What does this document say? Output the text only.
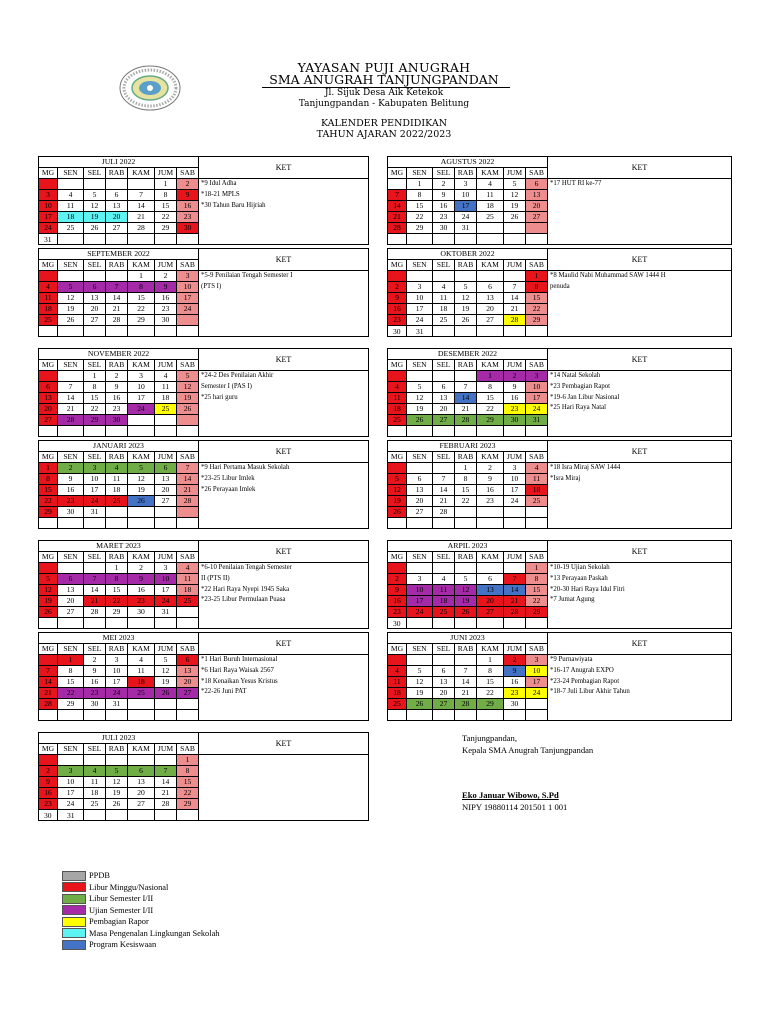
YAYASAN PUJI ANUGRAH
SMA ANUGRAH TANJUNGPANDAN
Jl. Sijuk Desa Aik Ketekok
Tanjungpandan - Kabupaten Belitung
KALENDER PENDIDIKAN
TAHUN AJARAN 2022/2023
JULI 2022							KET
MG	SEN	SEL	RAB	KAM	JUM	SAB	
					1	2	*9 Idul Adha
*18-21 MPLS
*30 Tahun Baru Hijriah

3	4	5	6	7	8	9	
10	11	12	13	14	15	16	
17	18	19	20	21	22	23	
24	25	26	27	28	29	30	

31
AGUSTUS 2022							KET
MG	SEN	SEL	RAB	KAM	JUM	SAB	
	1	2	3	4	5	6	*17 HUT RI ke-77

7	8	9	10	11	12	13	
14	15	16	17	18	19	20	
21	22	23	24	25	26	27	
28	29	30	31				

SEPTEMBER 2022							KET
MG	SEN	SEL	RAB	KAM	JUM	SAB	
				1	2	3	*5-9 Penilaian Tengah Semester I
(PTS I)

4	5	6	7	8	9	10	
11	12	13	14	15	16	17	
18	19	20	21	22	23	24	
25	26	27	28	29	30		

OKTOBER 2022							KET
MG	SEN	SEL	RAB	KAM	JUM	SAB	
						1	*8 Maulid Nabi Muhammad SAW 1444 H
penuda

2	3	4	5	6	7	8	
9	10	11	12	13	14	15	
16	17	18	19	20	21	22	
23	24	25	26	27	28	29	

30 31
NOVEMBER 2022							KET
MG	SEN	SEL	RAB	KAM	JUM	SAB	
		1	2	3	4	5	*24-2 Des Penilaian Akhir
Semester I (PAS I)
*25 hari guru

6	7	8	9	10	11	12	
13	14	15	16	17	18	19	
20	21	22	23	24	25	26	
27	28	29	30				

DESEMBER 2022							KET
MG	SEN	SEL	RAB	KAM	JUM	SAB	
				1	2	3	*14 Natal Sekolah
*23 Pembagian Rapot
*19-6 Jan Libur Nasional
*25 Hari Raya Natal

4	5	6	7	8	9	10	
11	12	13	14	15	16	17	
18	19	20	21	22	23	24	
25	26	27	28	29	30	31	

JANUARI 2023							KET
MG	SEN	SEL	RAB	KAM	JUM	SAB	
1	2	3	4	5	6	7	*9 Hari Pertama Masuk Sekolah
*23-25 Libur Imlek
*26 Perayaan Imlek

8	9	10	11	12	13	14	
15	16	17	18	19	20	21	
22	23	24	25	26	27	28	
29	30	31					

FEBRUARI 2023							KET
MG	SEN	SEL	RAB	KAM	JUM	SAB	
			1	2	3	4	*18 Isra Miraj SAW 1444
*Isra Miraj

5	6	7	8	9	10	11	
12	13	14	15	16	17	18	
19	20	21	22	23	24	25	
26	27	28					

MARET 2023							KET
MG	SEN	SEL	RAB	KAM	JUM	SAB	
			1	2	3	4	*6-10 Penilaian Tengah Semester
II (PTS II)
*22 Hari Raya Nyepi 1945 Saka
*23-25 Libur Permulaan Puasa

5	6	7	8	9	10	11	
12	13	14	15	16	17	18	
19	20	21	22	23	24	25	
26	27	28	29	30	31		

ARPIL 2023							KET
MG	SEN	SEL	RAB	KAM	JUM	SAB	
						1	*10-19 Ujian Sekolah
*13 Perayaan Paskah
*20-30 Hari Raya Idul Fitri
*7 Jumat Agung

2	3	4	5	6	7	8	
9	10	11	12	13	14	15	
16	17	18	19	20	21	22	
23	24	25	26	27	28	29	

30
MEI 2023							KET
MG	SEN	SEL	RAB	KAM	JUM	SAB	
	1	2	3	4	5	6	*1 Hari Buruh Internasional
*6 Hari Raya Waisak 2567
*18 Kenaikan Yesus Kristus
*22-26 Juni PAT

7	8	9	10	11	12	13	
14	15	16	17	18	19	20	
21	22	23	24	25	26	27	
28	29	30	31				

JUNI 2023							KET
MG	SEN	SEL	RAB	KAM	JUM	SAB	
				1	2	3	*9 Purnawiyata
*16-17 Anugrah EXPO
*23-24 Pembagian Rapot
*18-7 Juli Libur Akhir Tahun

4	5	6	7	8	9	10	
11	12	13	14	15	16	17	
18	19	20	21	22	23	24	
25	26	27	28	29	30		

JULI 2023							KET
MG	SEN	SEL	RAB	KAM	JUM	SAB	
						1	
2	3	4	5	6	7	8	
9	10	11	12	13	14	15	
16	17	18	19	20	21	22	
23	24	25	26	27	28	29	

30 31
Tanjungpandan,
Kepala SMA Anugrah Tanjungpandan
Eko Januar Wibowo, S.Pd
NIPY 19880114 201501 1 001
PPDB
Libur Minggu/Nasional
Libur Semester I/II
Ujian Semester I/II
Pembagian Rapor
Masa Pengenalan Lingkungan Sekolah
Program Kesiswaan
